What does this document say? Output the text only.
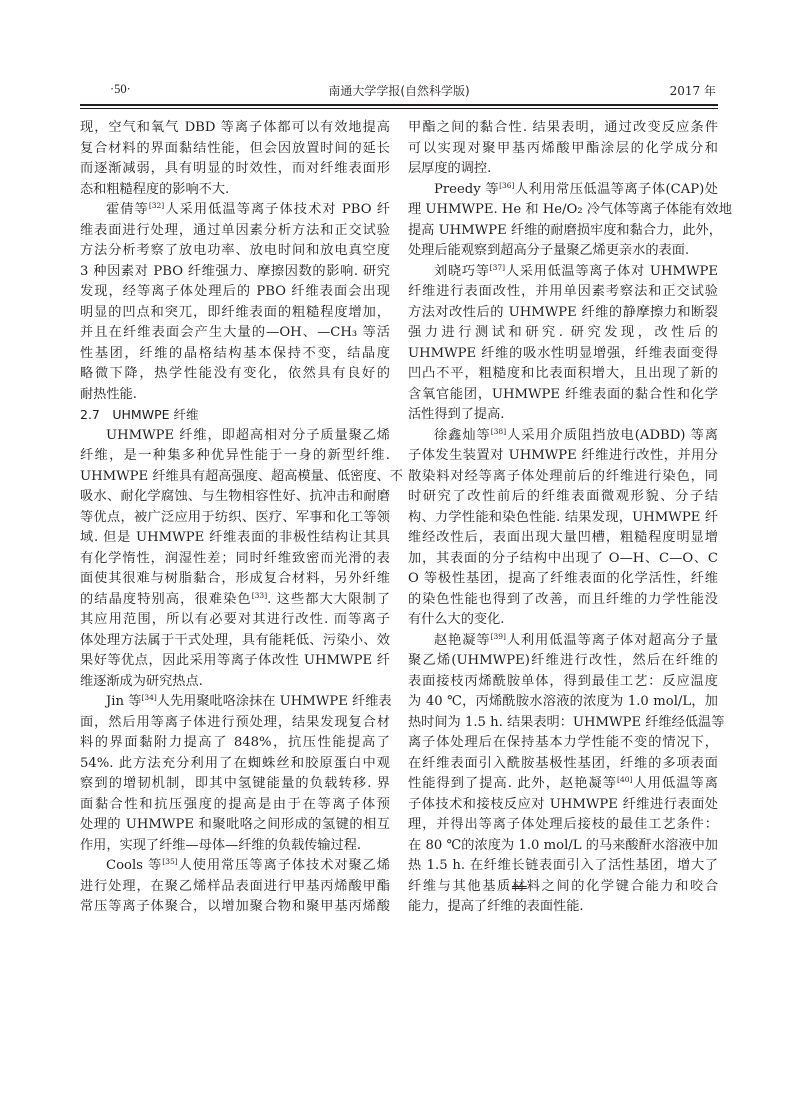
·50·	南通大学学报(自然科学版)	2017 年
现，空气和氧气 DBD 等离子体都可以有效地提高
复合材料的界面黏结性能，但会因放置时间的延长
而逐渐减弱，具有明显的时效性，而对纤维表面形
态和粗糙程度的影响不大.
霍倩等[32]人采用低温等离子体技术对 PBO 纤
维表面进行处理，通过单因素分析方法和正交试验
方法分析考察了放电功率、放电时间和放电真空度
3 种因素对 PBO 纤维强力、摩擦因数的影响. 研究
发现，经等离子体处理后的 PBO 纤维表面会出现
明显的凹点和突兀，即纤维表面的粗糙程度增加，
并且在纤维表面会产生大量的—OH、—CH₃ 等活
性基团，纤维的晶格结构基本保持不变，结晶度
略微下降，热学性能没有变化，依然具有良好的
耐热性能.
2.7　UHMWPE 纤维
UHMWPE 纤维，即超高相对分子质量聚乙烯
纤维，是一种集多种优异性能于一身的新型纤维.
UHMWPE 纤维具有超高强度、超高模量、低密度、不
吸水、耐化学腐蚀、与生物相容性好、抗冲击和耐磨
等优点，被广泛应用于纺织、医疗、军事和化工等领
域. 但是 UHMWPE 纤维表面的非极性结构让其具
有化学惰性，润湿性差；同时纤维致密而光滑的表
面使其很难与树脂黏合，形成复合材料，另外纤维
的结晶度特别高，很难染色[33]. 这些都大大限制了
其应用范围，所以有必要对其进行改性. 而等离子
体处理方法属于干式处理，具有能耗低、污染小、效
果好等优点，因此采用等离子体改性 UHMWPE 纤
维逐渐成为研究热点.
Jin 等[34]人先用聚吡咯涂抹在 UHMWPE 纤维表
面，然后用等离子体进行预处理，结果发现复合材
料的界面黏附力提高了 848%，抗压性能提高了
54%. 此方法充分利用了在蜘蛛丝和胶原蛋白中观
察到的增韧机制，即其中氢键能量的负载转移. 界
面黏合性和抗压强度的提高是由于在等离子体预
处理的 UHMWPE 和聚吡咯之间形成的氢键的相互
作用，实现了纤维—母体—纤维的负载传输过程.
Cools 等[35]人使用常压等离子体技术对聚乙烯
进行处理，在聚乙烯样品表面进行甲基丙烯酸甲酯
常压等离子体聚合，以增加聚合物和聚甲基丙烯酸
甲酯之间的黏合性. 结果表明，通过改变反应条件
可以实现对聚甲基丙烯酸甲酯涂层的化学成分和
层厚度的调控.
Preedy 等[36]人利用常压低温等离子体(CAP)处
理 UHMWPE. He 和 He/O₂ 冷气体等离子体能有效地
提高 UHMWPE 纤维的耐磨损牢度和黏合力，此外，
处理后能观察到超高分子量聚乙烯更亲水的表面.
刘晓巧等[37]人采用低温等离子体对 UHMWPE
纤维进行表面改性，并用单因素考察法和正交试验
方法对改性后的 UHMWPE 纤维的静摩擦力和断裂
强力进行测试和研究. 研究发现，改性后的
UHMWPE 纤维的吸水性明显增强，纤维表面变得
凹凸不平，粗糙度和比表面积增大，且出现了新的
含氧官能团，UHMWPE 纤维表面的黏合性和化学
活性得到了提高.
徐鑫灿等[38]人采用介质阻挡放电(ADBD) 等离
子体发生装置对 UHMWPE 纤维进行改性，并用分
散染料对经等离子体处理前后的纤维进行染色，同
时研究了改性前后的纤维表面微观形貌、分子结
构、力学性能和染色性能. 结果发现，UHMWPE 纤
维经改性后，表面出现大量凹槽，粗糙程度明显增
加，其表面的分子结构中出现了 O—H、C—O、C
O 等极性基团，提高了纤维表面的化学活性，纤维
的染色性能也得到了改善，而且纤维的力学性能没
有什么大的变化.
赵艳凝等[39]人利用低温等离子体对超高分子量
聚乙烯(UHMWPE)纤维进行改性，然后在纤维的
表面接枝丙烯酰胺单体，得到最佳工艺：反应温度
为 40 ℃，丙烯酰胺水溶液的浓度为 1.0 mol/L，加
热时间为 1.5 h. 结果表明：UHMWPE 纤维经低温等
离子体处理后在保持基本力学性能不变的情况下，
在纤维表面引入酰胺基极性基团，纤维的多项表面
性能得到了提高. 此外，赵艳凝等[40]人用低温等离
子体技术和接枝反应对 UHMWPE 纤维进行表面处
理，并得出等离子体处理后接枝的最佳工艺条件：
在 80 ℃的浓度为 1.0 mol/L 的马来酸酐水溶液中加
热 1.5 h. 在纤维长链表面引入了活性基团，增大了
纤维与其他基质材料之间的化学键合能力和咬合
能力，提高了纤维的表面性能.
